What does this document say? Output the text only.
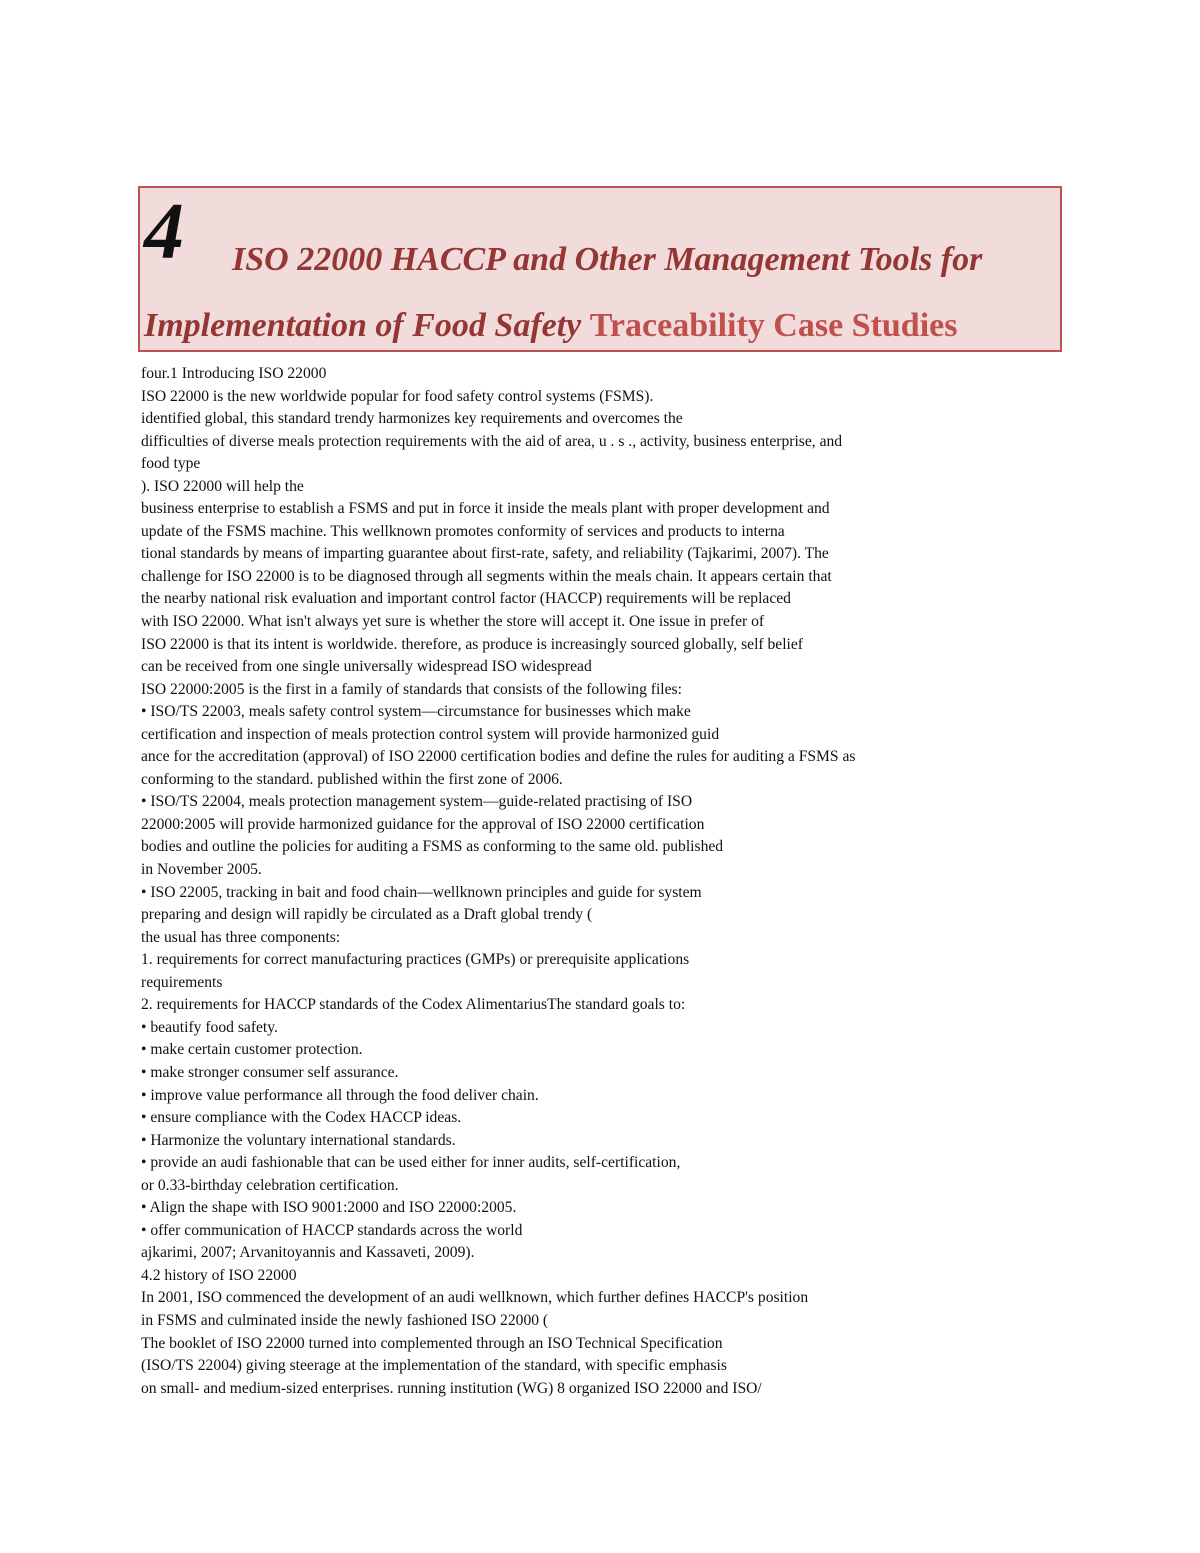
4 ISO 22000 HACCP and Other Management Tools for
Implementation of Food Safety Traceability Case Studies
four.1 Introducing ISO 22000
ISO 22000 is the new worldwide popular for food safety control systems (FSMS).
identified global, this standard trendy harmonizes key requirements and overcomes the
difficulties of diverse meals protection requirements with the aid of area, u . s ., activity, business enterprise, and
food type
). ISO 22000 will help the
business enterprise to establish a FSMS and put in force it inside the meals plant with proper development and
update of the FSMS machine. This wellknown promotes conformity of services and products to interna
tional standards by means of imparting guarantee about first-rate, safety, and reliability (Tajkarimi, 2007). The
challenge for ISO 22000 is to be diagnosed through all segments within the meals chain. It appears certain that
the nearby national risk evaluation and important control factor (HACCP) requirements will be replaced
with ISO 22000. What isn't always yet sure is whether the store will accept it. One issue in prefer of
ISO 22000 is that its intent is worldwide. therefore, as produce is increasingly sourced globally, self belief
can be received from one single universally widespread ISO widespread
ISO 22000:2005 is the first in a family of standards that consists of the following files:
• ISO/TS 22003, meals safety control system—circumstance for businesses which make
certification and inspection of meals protection control system will provide harmonized guid
ance for the accreditation (approval) of ISO 22000 certification bodies and define the rules for auditing a FSMS as
conforming to the standard. published within the first zone of 2006.
• ISO/TS 22004, meals protection management system—guide-related practising of ISO
22000:2005 will provide harmonized guidance for the approval of ISO 22000 certification
bodies and outline the policies for auditing a FSMS as conforming to the same old. published
in November 2005.
• ISO 22005, tracking in bait and food chain—wellknown principles and guide for system
preparing and design will rapidly be circulated as a Draft global trendy (
the usual has three components:
1. requirements for correct manufacturing practices (GMPs) or prerequisite applications
requirements
2. requirements for HACCP standards of the Codex AlimentariusThe standard goals to:
• beautify food safety.
• make certain customer protection.
• make stronger consumer self assurance.
• improve value performance all through the food deliver chain.
• ensure compliance with the Codex HACCP ideas.
• Harmonize the voluntary international standards.
• provide an audi fashionable that can be used either for inner audits, self-certification,
or 0.33-birthday celebration certification.
• Align the shape with ISO 9001:2000 and ISO 22000:2005.
• offer communication of HACCP standards across the world
ajkarimi, 2007; Arvanitoyannis and Kassaveti, 2009).
4.2 history of ISO 22000
In 2001, ISO commenced the development of an audi wellknown, which further defines HACCP's position
in FSMS and culminated inside the newly fashioned ISO 22000 (
The booklet of ISO 22000 turned into complemented through an ISO Technical Specification
(ISO/TS 22004) giving steerage at the implementation of the standard, with specific emphasis
on small- and medium-sized enterprises. running institution (WG) 8 organized ISO 22000 and ISO/
